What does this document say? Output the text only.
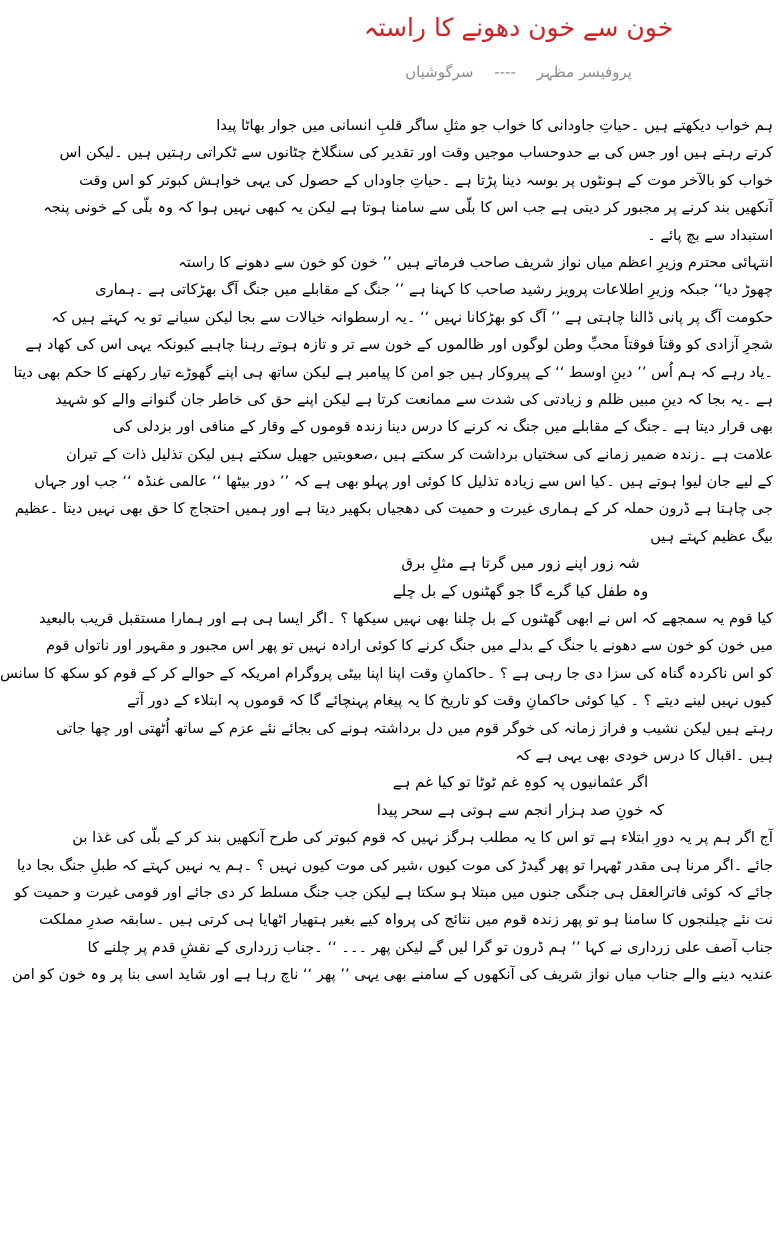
خون سے خون دھونے کا راستہ
پروفیسر مظہر ---- سرگوشیاں
ہم خواب دیکھتے ہیں ۔حیاتِ جاودانی کا خواب جو مثلِ ساگر قلبِ انسانی میں جوار بھاٹا پیدا
کرتے رہتے ہیں اور جس کی بے حدوحساب موجیں وقت اور تقدیر کی سنگلاخ چٹانوں سے ٹکراتی رہتیں ہیں ۔لیکن اس
خواب کو بالآخر موت کے ہونٹوں پر بوسہ دینا پڑتا ہے ۔حیاتِ جاوداں کے حصول کی یہی خواہش کبوتر کو اس وقت
آنکھیں بند کرنے پر مجبور کر دیتی ہے جب اس کا بلّی سے سامنا ہوتا ہے لیکن یہ کبھی نہیں ہوا کہ وہ بلّی کے خونی پنجہ
استبداد سے بچ پائے ۔
انتہائی محترم وزیرِ اعظم میاں نواز شریف صاحب فرماتے ہیں ’’ خون کو خون سے دھونے کا راستہ
چھوڑ دیا‘‘ جبکہ وزیرِ اطلاعات پرویز رشید صاحب کا کہنا ہے ’’ جنگ کے مقابلے میں جنگ آگ بھڑکاتی ہے ۔ہماری
حکومت آگ پر پانی ڈالنا چاہتی ہے ’’ آگ کو بھڑکانا نہیں ‘‘ ۔یہ ارسطوانہ خیالات سے بجا لیکن سیانے تو یہ کہتے ہیں کہ
شجرِ آزادی کو وقتاََ فوقتاََ محبِّ وطن لوگوں اور ظالموں کے خون سے تر و تازہ ہوتے رہنا چاہیے کیونکہ یہی اس کی کھاد ہے
۔یاد رہے کہ ہم اُس ’’ دینِ اوسط ‘‘ کے پیروکار ہیں جو امن کا پیامبر ہے لیکن ساتھ ہی اپنے گھوڑے تیار رکھنے کا حکم بھی دیتا
ہے ۔یہ بجا کہ دینِ مبیں ظلم و زیادتی کی شدت سے ممانعت کرتا ہے لیکن اپنے حق کی خاطر جان گنوانے والے کو شہید
بھی قرار دیتا ہے ۔جنگ کے مقابلے میں جنگ نہ کرنے کا درس دینا زندہ قوموں کے وقار کے منافی اور بزدلی کی
علامت ہے ۔زندہ ضمیر زمانے کی سختیاں برداشت کر سکتے ہیں ،صعوبتیں جھیل سکتے ہیں لیکن تذلیل ذات کے تیران
کے لیے جان لیوا ہوتے ہیں ۔کیا اس سے زیادہ تذلیل کا کوئی اور پہلو بھی ہے کہ ’’ دور بیٹھا ‘‘ عالمی غنڈہ ‘‘ جب اور جہاں
جی چاہتا ہے ڈرون حملہ کر کے ہماری غیرت و حمیت کی دھجیاں بکھیر دیتا ہے اور ہمیں احتجاج کا حق بھی نہیں دیتا ۔عظیم
بیگ عظیم کہتے ہیں
شہ زور اپنے زور میں گرتا ہے مثلِ برق
وہ طفل کیا گرے گا جو گھٹنوں کے بل چلے
کیا قوم یہ سمجھے کہ اس نے ابھی گھٹنوں کے بل چلنا بھی نہیں سیکھا ؟ ۔اگر ایسا ہی ہے اور ہمارا مستقبل قریب بالبعید
میں خون کو خون سے دھونے یا جنگ کے بدلے میں جنگ کرنے کا کوئی ارادہ نہیں تو پھر اس مجبور و مقہور اور ناتواں قوم
کو اس ناکردہ گناہ کی سزا دی جا رہی ہے ؟ ۔حاکمانِ وقت اپنا اپنا بیٹی پروگرام امریکہ کے حوالے کر کے قوم کو سکھ کا سانس
کیوں نہیں لینے دیتے ؟ ۔ کیا کوئی حاکمانِ وقت کو تاریخ کا یہ پیغام پہنچائے گا کہ قوموں پہ ابتلاء کے دور آتے
رہتے ہیں لیکن نشیب و فراز زمانہ کی خوگر قوم میں دل برداشتہ ہونے کی بجائے نئے عزم کے ساتھ اُٹھتی اور چھا جاتی
ہیں ۔اقبال کا درس خودی بھی یہی ہے کہ
اگر عثمانیوں پہ کوہِ غم ٹوٹا تو کیا غم ہے
کہ خونِ صد ہزار انجم سے ہوتی ہے سحر پیدا
آج اگر ہم پر یہ دورِ ابتلاء ہے تو اس کا یہ مطلب ہرگز نہیں کہ قوم کبوتر کی طرح آنکھیں بند کر کے بلّی کی غذا بن
جائے ۔اگر مرنا ہی مقدر ٹھہرا تو پھر گیدڑ کی موت کیوں ،شیر کی موت کیوں نہیں ؟ ۔ہم یہ نہیں کہتے کہ طبلِ جنگ بجا دیا
جائے کہ کوئی فاترالعقل ہی جنگی جنوں میں مبتلا ہو سکتا ہے لیکن جب جنگ مسلط کر دی جائے اور قومی غیرت و حمیت کو
نت نئے چیلنجوں کا سامنا ہو تو پھر زندہ قوم میں نتائج کی پرواہ کیے بغیر ہتھیار اٹھایا ہی کرتی ہیں ۔سابقہ صدرِ مملکت
جناب آصف علی زرداری نے کہا ’’ ہم ڈرون تو گرا لیں گے لیکن پھر ۔۔۔ ‘‘ ۔جناب زرداری کے نقشِ قدم پر چلنے کا
عندیہ دینے والے جناب میاں نواز شریف کی آنکھوں کے سامنے بھی یہی ’’ پھر ‘‘ ناچ رہا ہے اور شاید اسی بنا پر وہ خون کو امن
